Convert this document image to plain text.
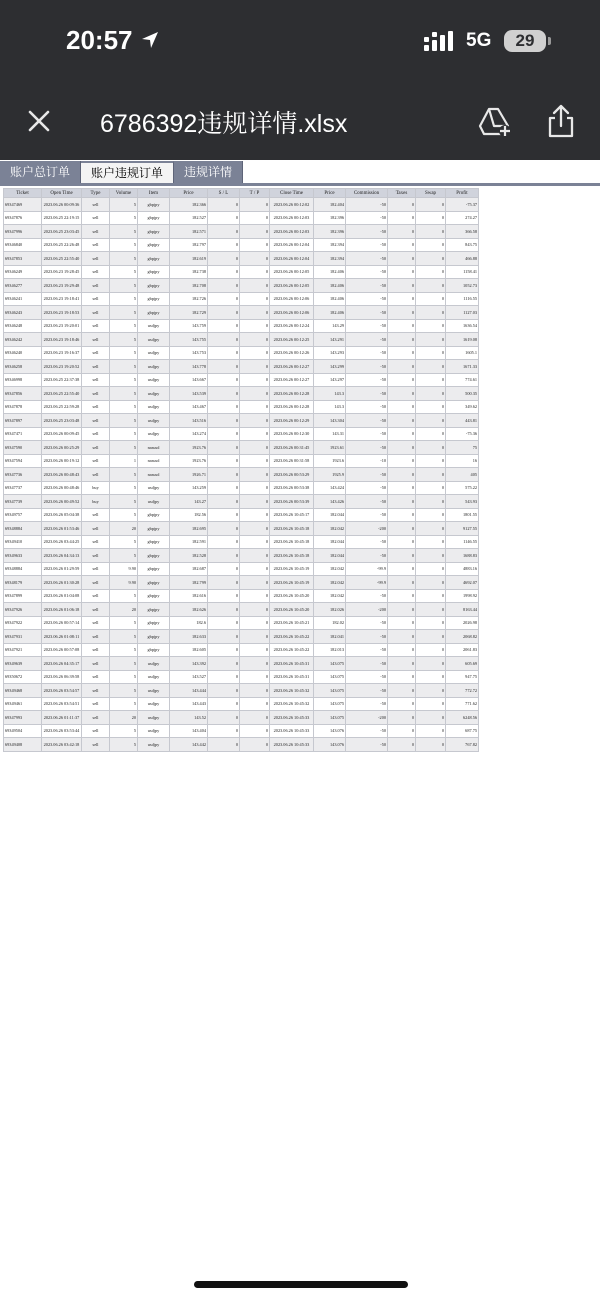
20:57	5G	29
6786392违规详情.xlsx
账户总订单	账户违规订单	违规详情
Ticket	Open Time	Type	Volume	Item	Price	S / L	T / P	Close Time	Price	Commission	Taxes	Swap	Profit
69347469	2023.06.26 00:09:36	sell	5	gbpjpy	182.366	0	0	2023.06.26 00:12:02	182.404	-50	0	0	-75.37
69347876	2023.06.25 22:19:15	sell	5	gbpjpy	182.527	0	0	2023.06.26 00:12:03	182.396	-50	0	0	274.27
69347996	2023.06.25 23:03:45	sell	5	gbpjpy	182.571	0	0	2023.06.26 00:12:03	182.396	-50	0	0	366.58
69346840	2023.06.25 22:26:48	sell	5	gbpjpy	182.797	0	0	2023.06.26 00:12:04	182.394	-50	0	0	843.75
69347853	2023.06.25 22:55:40	sell	5	gbpjpy	182.619	0	0	2023.06.26 00:12:04	182.394	-50	0	0	466.88
69346249	2023.06.23 19:28:45	sell	5	gbpjpy	182.738	0	0	2023.06.26 00:12:05	182.406	-50	0	0	1158.41
69346277	2023.06.23 19:29:48	sell	5	gbpjpy	182.708	0	0	2023.06.26 00:12:05	182.406	-50	0	0	1052.73
69346241	2023.06.23 19:18:41	sell	5	gbpjpy	182.726	0	0	2023.06.26 00:12:06	182.406	-50	0	0	1116.55
69346243	2023.06.23 19:18:53	sell	5	gbpjpy	182.729	0	0	2023.06.26 00:12:06	182.406	-50	0	0	1127.03
69346248	2023.06.23 19:20:01	sell	5	usdjpy	143.759	0	0	2023.06.26 00:12:24	143.29	-50	0	0	1636.54
69346242	2023.06.23 19:18:46	sell	5	usdjpy	143.755	0	0	2023.06.26 00:12:25	143.291	-50	0	0	1619.08
69346240	2023.06.23 19:16:37	sell	5	usdjpy	143.753	0	0	2023.06.26 00:12:26	143.293	-50	0	0	1605.1
69346258	2023.06.23 19:20:52	sell	5	usdjpy	143.778	0	0	2023.06.26 00:12:27	143.299	-50	0	0	1671.33
69346998	2023.06.25 22:37:38	sell	5	usdjpy	143.667	0	0	2023.06.26 00:12:27	143.297	-50	0	0	774.61
69347856	2023.06.25 22:55:40	sell	5	usdjpy	143.539	0	0	2023.06.26 00:12:28	143.3	-50	0	0	500.35
69347878	2023.06.25 22:59:28	sell	5	usdjpy	143.467	0	0	2023.06.26 00:12:28	143.3	-50	0	0	349.62
69347897	2023.06.25 23:03:48	sell	5	usdjpy	143.516	0	0	2023.06.26 00:12:29	143.304	-50	0	0	443.81
69347471	2023.06.26 00:09:45	sell	5	usdjpy	143.274	0	0	2023.06.26 00:12:30	143.31	-50	0	0	-75.36
69347590	2023.06.26 00:25:29	sell	5	nasusd	1923.76	0	0	2023.06.26 00:31:45	1923.61	-50	0	0	75
69347594	2023.06.26 00:19:12	sell	1	nasusd	1923.76	0	0	2023.06.26 00:31:58	1923.6	-10	0	0	16
69347736	2023.06.26 00:48:43	sell	5	nasusd	1926.71	0	0	2023.06.26 00:53:29	1925.9	-50	0	0	405
69347737	2023.06.26 00:48:46	buy	5	usdjpy	143.259	0	0	2023.06.26 00:53:38	143.424	-50	0	0	575.22
69347739	2023.06.26 00:49:52	buy	5	usdjpy	143.27	0	0	2023.06.26 00:53:39	143.426	-50	0	0	543.93
69349757	2023.06.26 05:04:38	sell	5	gbpjpy	182.56	0	0	2023.06.26 10:45:17	182.044	-50	0	0	1801.55
69348884	2023.06.26 01:53:46	sell	20	gbpjpy	182.695	0	0	2023.06.26 10:45:18	182.042	-200	0	0	9127.55
69349410	2023.06.26 03:44:25	sell	5	gbpjpy	182.591	0	0	2023.06.26 10:45:18	182.044	-50	0	0	1146.55
69349633	2023.06.26 04:34:13	sell	5	gbpjpy	182.528	0	0	2023.06.26 10:45:18	182.044	-50	0	0	1688.83
69348884	2023.06.26 01:29:59	sell	9.90	gbpjpy	182.687	0	0	2023.06.26 10:45:19	182.042	-99.9	0	0	4883.16
69348179	2023.06.26 01:30:28	sell	9.90	gbpjpy	182.799	0	0	2023.06.26 10:45:19	182.042	-99.9	0	0	4692.07
69347899	2023.06.26 01:04:08	sell	5	gbpjpy	182.616	0	0	2023.06.26 10:45:20	182.042	-50	0	0	1998.92
69347926	2023.06.26 01:06:18	sell	20	gbpjpy	182.626	0	0	2023.06.26 10:45:20	182.026	-200	0	0	8163.44
69347922	2023.06.26 00:57:14	sell	5	gbpjpy	182.6	0	0	2023.06.26 10:45:21	182.02	-50	0	0	2026.98
69347931	2023.06.26 01:08:11	sell	5	gbpjpy	182.633	0	0	2023.06.26 10:45:22	182.041	-50	0	0	2068.82
69347921	2023.06.26 00:57:08	sell	5	gbpjpy	182.605	0	0	2023.06.26 10:45:22	182.013	-50	0	0	2061.83
69349639	2023.06.26 04:35:17	sell	5	usdjpy	143.392	0	0	2023.06.26 10:45:31	143.075	-50	0	0	605.69
69350672	2023.06.26 06:39:58	sell	5	usdjpy	143.527	0	0	2023.06.26 10:45:31	143.075	-50	0	0	947.75
69349468	2023.06.26 03:54:57	sell	5	usdjpy	143.444	0	0	2023.06.26 10:45:32	143.075	-50	0	0	772.72
69349461	2023.06.26 03:54:51	sell	5	usdjpy	143.443	0	0	2023.06.26 10:45:32	143.075	-50	0	0	771.62
69347993	2023.06.26 01:11:37	sell	20	usdjpy	143.52	0	0	2023.06.26 10:45:33	143.075	-200	0	0	6248.56
69349504	2023.06.26 03:53:44	sell	5	usdjpy	143.404	0	0	2023.06.26 10:45:33	143.076	-50	0	0	687.75
69349408	2023.06.26 03:42:18	sell	5	usdjpy	143.442	0	0	2023.06.26 10:45:33	143.076	-50	0	0	767.82
